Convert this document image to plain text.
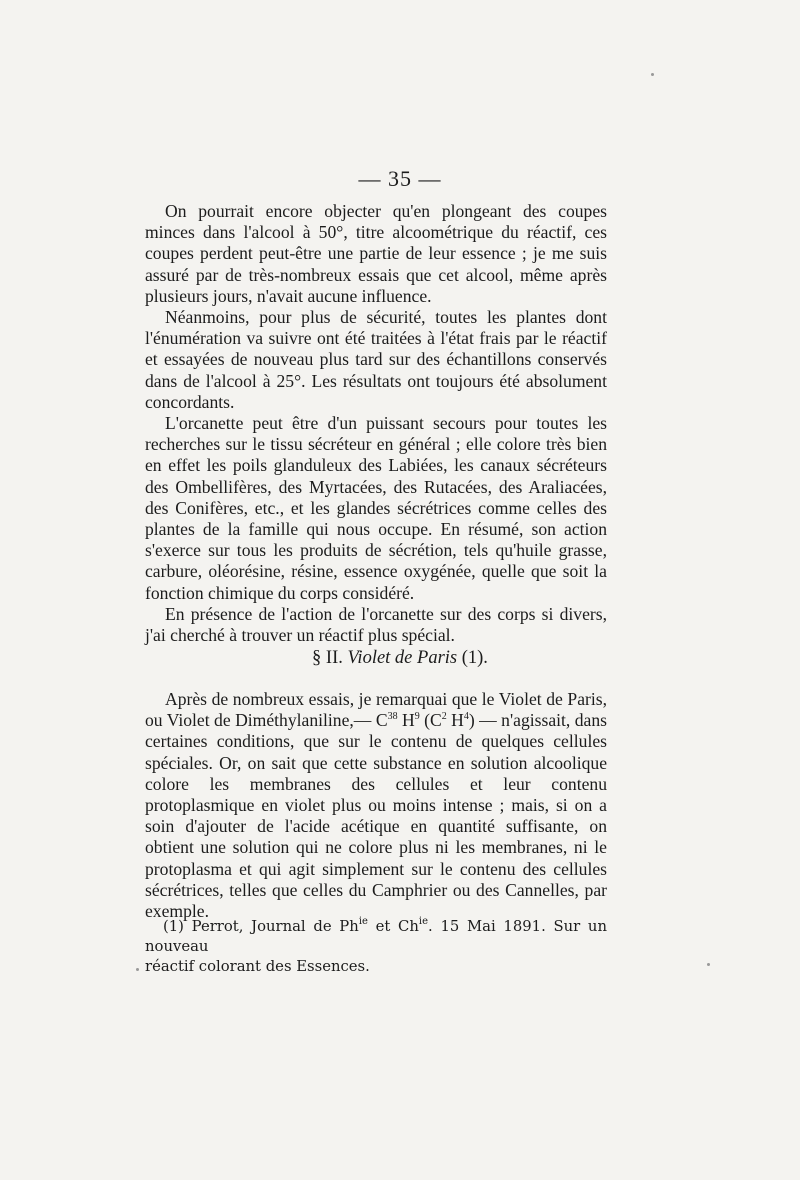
— 35 —

On pourrait encore objecter qu'en plongeant des coupes minces dans l'alcool à 50°, titre alcoométrique du réactif, ces coupes perdent peut-être une partie de leur essence ; je me suis assuré par de très-nombreux essais que cet alcool, même après plusieurs jours, n'avait aucune influence.

Néanmoins, pour plus de sécurité, toutes les plantes dont l'énumération va suivre ont été traitées à l'état frais par le réactif et essayées de nouveau plus tard sur des échantillons conservés dans de l'alcool à 25°. Les résultats ont toujours été absolument concordants.

L'orcanette peut être d'un puissant secours pour toutes les recherches sur le tissu sécréteur en général ; elle colore très bien en effet les poils glanduleux des Labiées, les canaux sécréteurs des Ombellifères, des Myrtacées, des Rutacées, des Araliacées, des Conifères, etc., et les glandes sécrétrices comme celles des plantes de la famille qui nous occupe. En résumé, son action s'exerce sur tous les produits de sécrétion, tels qu'huile grasse, carbure, oléorésine, résine, essence oxygénée, quelle que soit la fonction chimique du corps considéré.

En présence de l'action de l'orcanette sur des corps si divers, j'ai cherché à trouver un réactif plus spécial.

§ II. Violet de Paris (1).

Après de nombreux essais, je remarquai que le Violet de Paris, ou Violet de Diméthylaniline,— $C^{38}$ $H^9$ ($C^2$ $H^4$) — n'agissait, dans certaines conditions, que sur le contenu de quelques cellules spéciales. Or, on sait que cette substance en solution alcoolique colore les membranes des cellules et leur contenu protoplasmique en violet plus ou moins intense ; mais, si on a soin d'ajouter de l'acide acétique en quantité suffisante, on obtient une solution qui ne colore plus ni les membranes, ni le protoplasma et qui agit simplement sur le contenu des cellules sécrétrices, telles que celles du Camphrier ou des Cannelles, par exemple.

(1) Perrot, Journal de $Ph^{ie}$ et $Ch^{ie}$. 15 Mai 1891. Sur un nouveau
réactif colorant des Essences.
